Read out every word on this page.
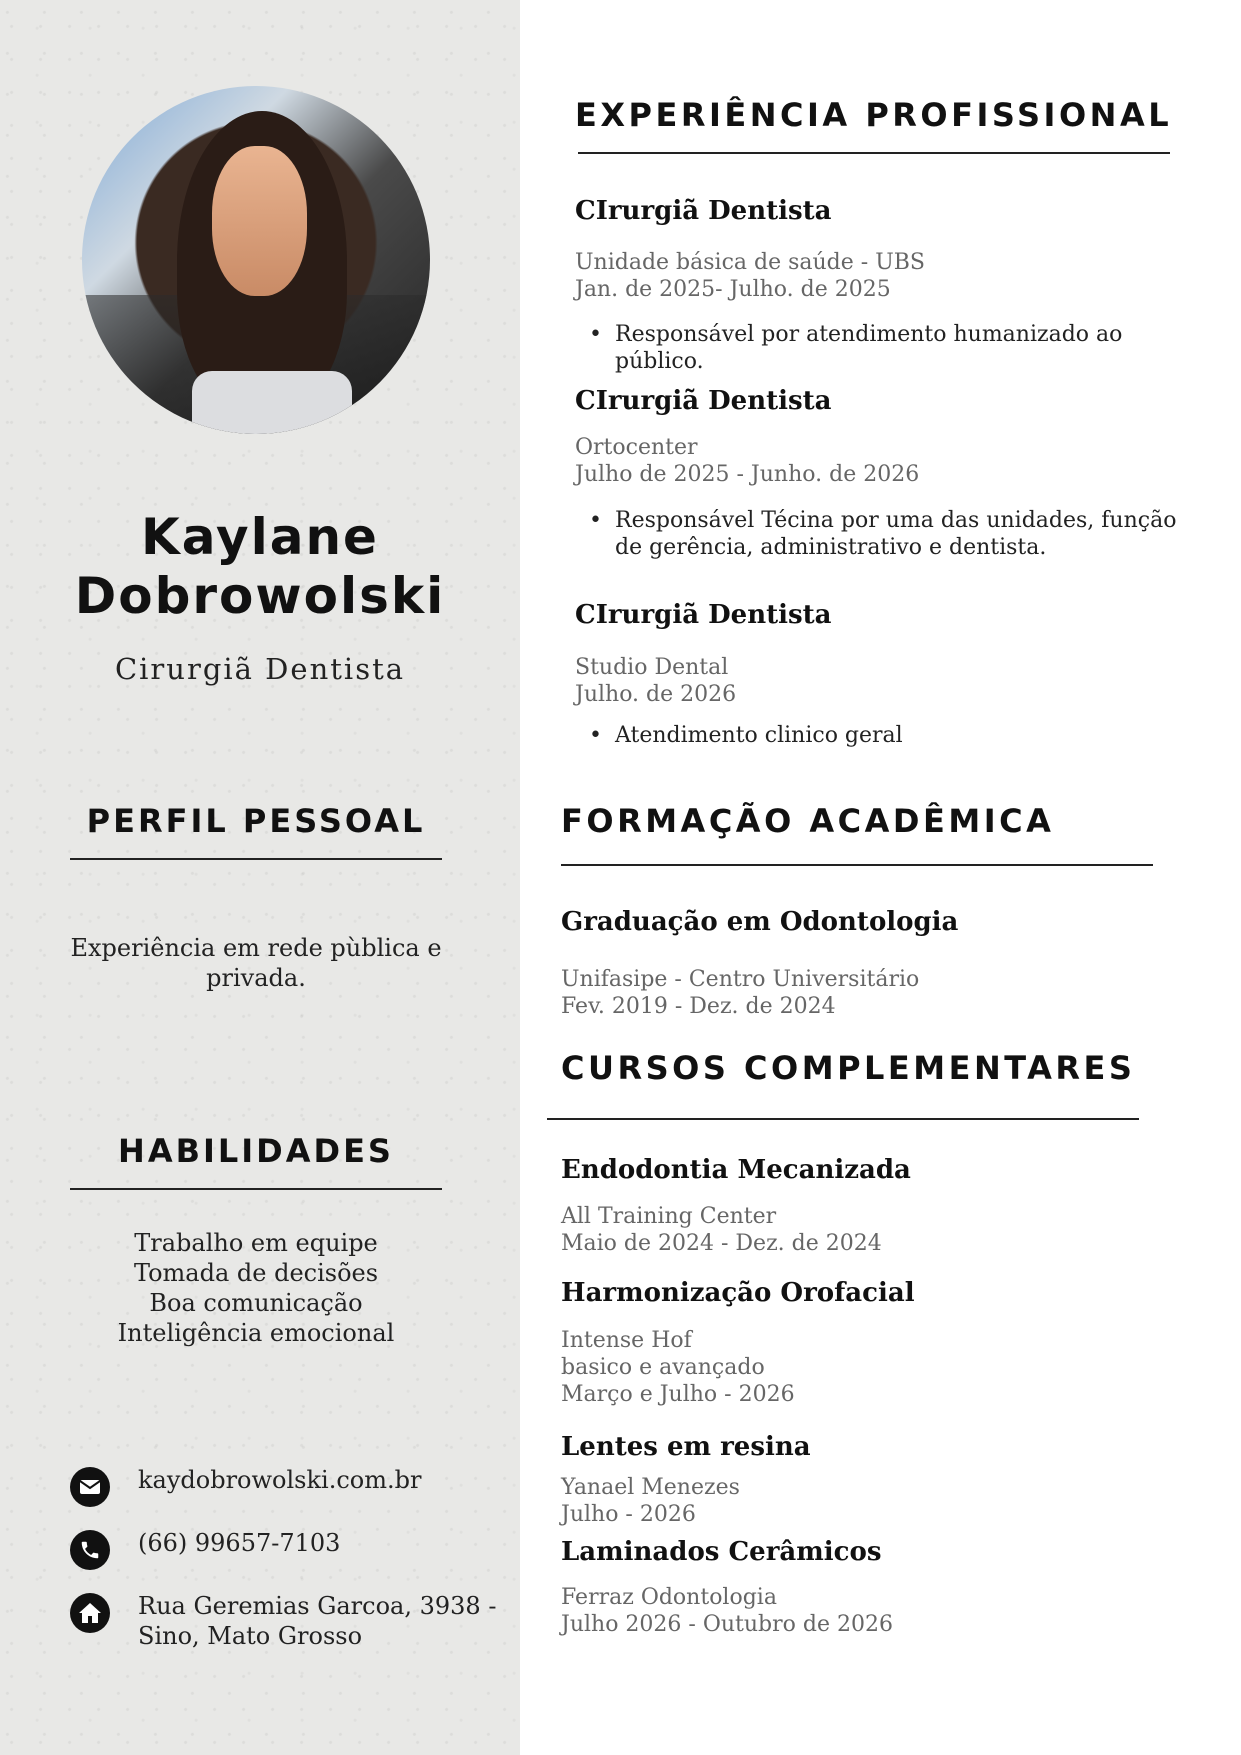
Kaylane
Dobrowolski
Cirurgiã Dentista
PERFIL PESSOAL
Experiência em rede pùblica e privada.
HABILIDADES
Trabalho em equipe
Tomada de decisões
Boa comunicação
Inteligência emocional
kaydobrowolski.com.br
(66) 99657-7103
Rua Geremias Garcoa, 3938 - Sino, Mato Grosso
EXPERIÊNCIA PROFISSIONAL
CIrurgiã Dentista
Unidade básica de saúde - UBS
Jan. de 2025- Julho. de 2025
• Responsável por atendimento humanizado ao público.
CIrurgiã Dentista
Ortocenter
Julho de 2025 - Junho. de 2026
• Responsável Técina por uma das unidades, função de gerência, administrativo e dentista.
CIrurgiã Dentista
Studio Dental
Julho. de 2026
• Atendimento clinico geral
FORMAÇÃO ACADÊMICA
Graduação em Odontologia
Unifasipe - Centro Universitário
Fev. 2019 - Dez. de 2024
CURSOS COMPLEMENTARES
Endodontia Mecanizada
All Training Center
Maio de 2024 - Dez. de 2024
Harmonização Orofacial
Intense Hof
basico e avançado
Março e Julho - 2026
Lentes em resina
Yanael Menezes
Julho - 2026
Laminados Cerâmicos
Ferraz Odontologia
Julho 2026 - Outubro de 2026
